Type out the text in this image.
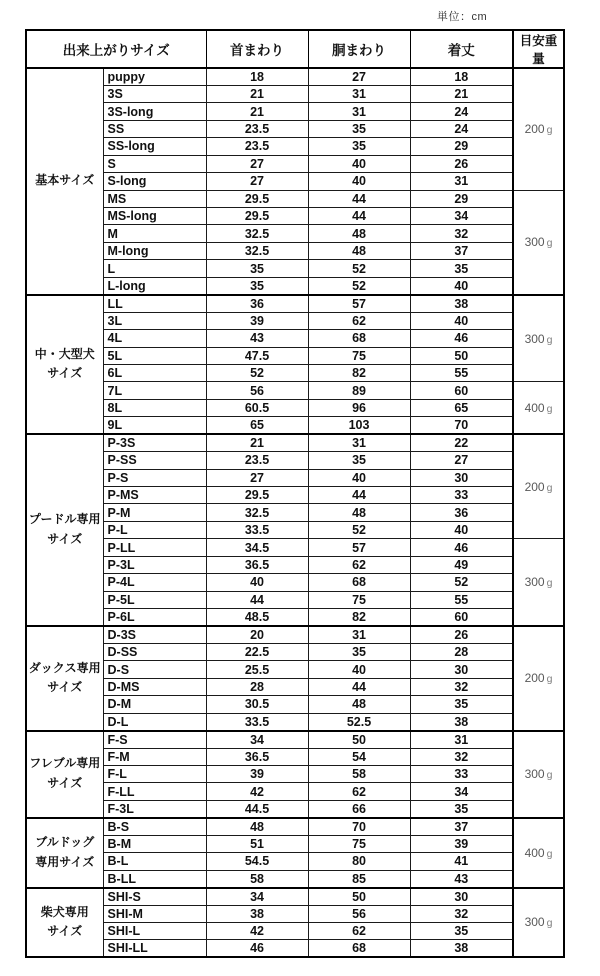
単位：cm
出来上がりサイズ		首まわり	胴まわり	着丈	目安重量

基本サイズ	puppy	18	27	18	200 g
	3S	21	31	21	
	3S-long	21	31	24	
	SS	23.5	35	24	
	SS-long	23.5	35	29	
	S	27	40	26	
	S-long	27	40	31	
	MS	29.5	44	29	300 g
	MS-long	29.5	44	34	
	M	32.5	48	32	
	M-long	32.5	48	37	
	L	35	52	35	
	L-long	35	52	40	

中・大型犬
サイズ	LL	36	57	38	300 g
	3L	39	62	40	
	4L	43	68	46	
	5L	47.5	75	50	
	6L	52	82	55	
	7L	56	89	60	400 g
	8L	60.5	96	65	
	9L	65	103	70	

プードル専用
サイズ	P-3S	21	31	22	200 g
	P-SS	23.5	35	27	
	P-S	27	40	30	
	P-MS	29.5	44	33	
	P-M	32.5	48	36	
	P-L	33.5	52	40	
	P-LL	34.5	57	46	300 g
	P-3L	36.5	62	49	
	P-4L	40	68	52	
	P-5L	44	75	55	
	P-6L	48.5	82	60	

ダックス専用
サイズ	D-3S	20	31	26	200 g
	D-SS	22.5	35	28	
	D-S	25.5	40	30	
	D-MS	28	44	32	
	D-M	30.5	48	35	
	D-L	33.5	52.5	38	

フレブル専用
サイズ	F-S	34	50	31	300 g
	F-M	36.5	54	32	
	F-L	39	58	33	
	F-LL	42	62	34	
	F-3L	44.5	66	35	

ブルドッグ
専用サイズ	B-S	48	70	37	400 g
	B-M	51	75	39	
	B-L	54.5	80	41	
	B-LL	58	85	43	

柴犬専用
サイズ	SHI-S	34	50	30	300 g
	SHI-M	38	56	32	
	SHI-L	42	62	35	
	SHI-LL	46	68	38	
